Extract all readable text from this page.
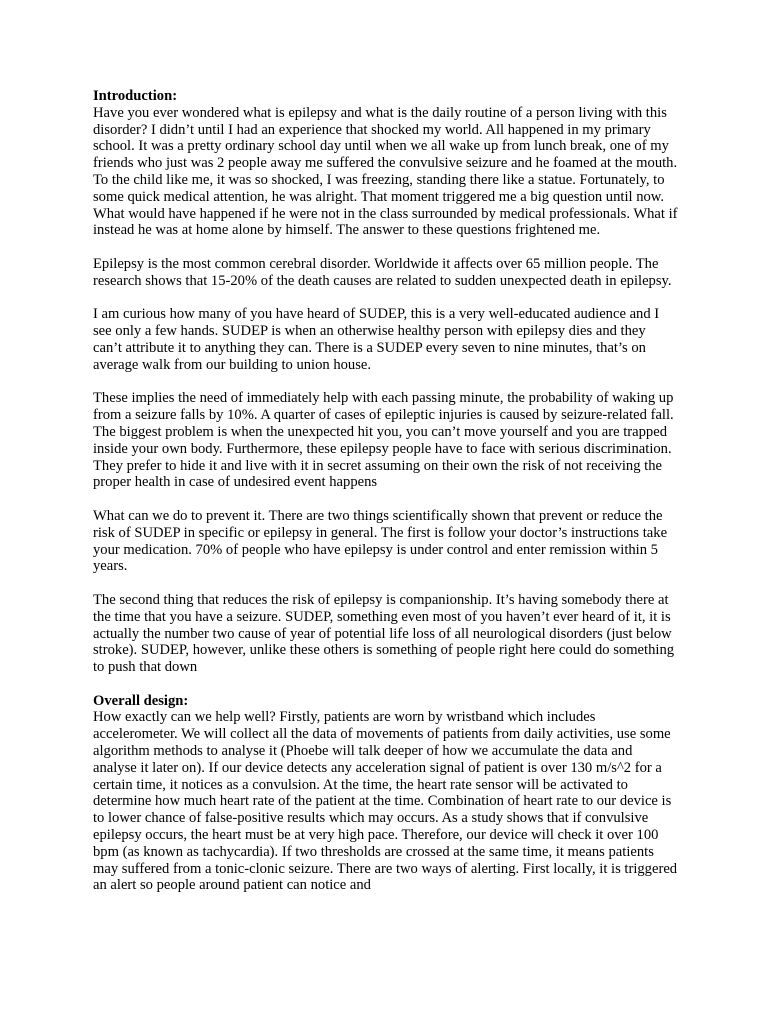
Introduction:

Have you ever wondered what is epilepsy and what is the daily routine of a person living with this disorder? I didn’t until I had an experience that shocked my world. All happened in my primary school. It was a pretty ordinary school day until when we all wake up from lunch break, one of my friends who just was 2 people away me suffered the convulsive seizure and he foamed at the mouth. To the child like me, it was so shocked, I was freezing, standing there like a statue. Fortunately, to some quick medical attention, he was alright. That moment triggered me a big question until now. What would have happened if he were not in the class surrounded by medical professionals. What if instead he was at home alone by himself. The answer to these questions frightened me.

Epilepsy is the most common cerebral disorder. Worldwide it affects over 65 million people. The research shows that 15-20% of the death causes are related to sudden unexpected death in epilepsy.

I am curious how many of you have heard of SUDEP, this is a very well-educated audience and I see only a few hands. SUDEP is when an otherwise healthy person with epilepsy dies and they can’t attribute it to anything they can. There is a SUDEP every seven to nine minutes, that’s on average walk from our building to union house.

These implies the need of immediately help with each passing minute, the probability of waking up from a seizure falls by 10%. A quarter of cases of epileptic injuries is caused by seizure-related fall. The biggest problem is when the unexpected hit you, you can’t move yourself and you are trapped inside your own body. Furthermore, these epilepsy people have to face with serious discrimination. They prefer to hide it and live with it in secret assuming on their own the risk of not receiving the proper health in case of undesired event happens

What can we do to prevent it. There are two things scientifically shown that prevent or reduce the risk of SUDEP in specific or epilepsy in general. The first is follow your doctor’s instructions take your medication. 70% of people who have epilepsy is under control and enter remission within 5 years.

The second thing that reduces the risk of epilepsy is companionship. It’s having somebody there at the time that you have a seizure. SUDEP, something even most of you haven’t ever heard of it, it is actually the number two cause of year of potential life loss of all neurological disorders (just below stroke). SUDEP, however, unlike these others is something of people right here could do something to push that down

Overall design:

How exactly can we help well? Firstly, patients are worn by wristband which includes accelerometer. We will collect all the data of movements of patients from daily activities, use some algorithm methods to analyse it (Phoebe will talk deeper of how we accumulate the data and analyse it later on). If our device detects any acceleration signal of patient is over 130 m/s^2 for a certain time, it notices as a convulsion. At the time, the heart rate sensor will be activated to determine how much heart rate of the patient at the time. Combination of heart rate to our device is to lower chance of false-positive results which may occurs. As a study shows that if convulsive epilepsy occurs, the heart must be at very high pace. Therefore, our device will check it over 100 bpm (as known as tachycardia). If two thresholds are crossed at the same time, it means patients may suffered from a tonic-clonic seizure. There are two ways of alerting. First locally, it is triggered an alert so people around patient can notice and
